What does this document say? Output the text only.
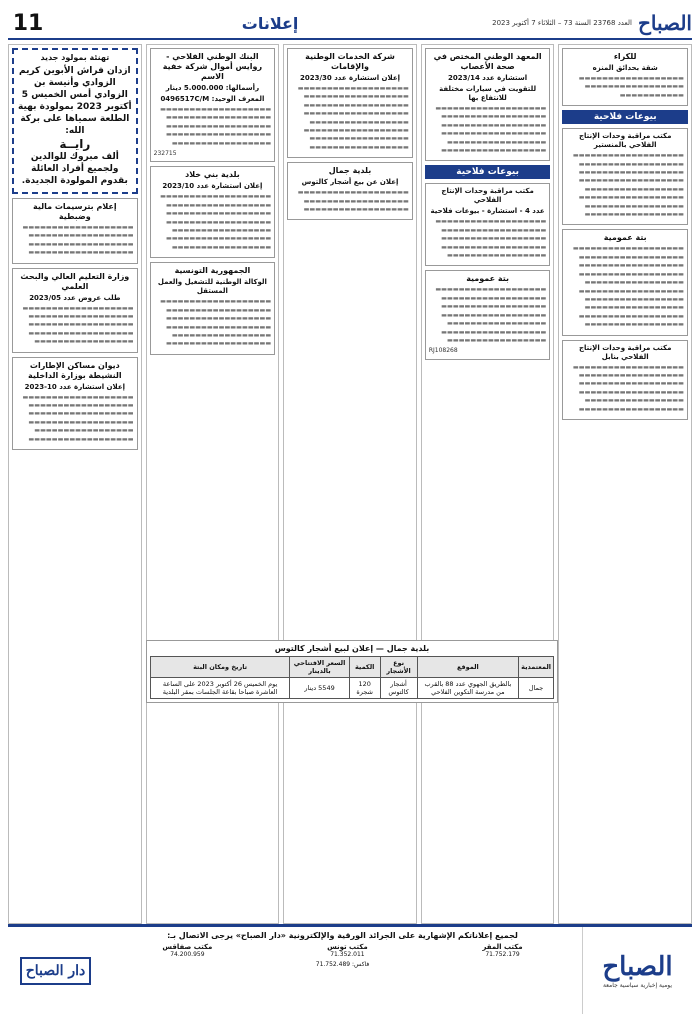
الصباح
العدد 23768 السنة 73 – الثلاثاء 7 أكتوبر 2023
إعلانات
11
للكراء
شقة بحدائق المنزه

▬▬▬▬▬▬▬▬▬▬▬▬▬▬▬▬▬▬ ▬▬▬▬▬▬▬▬▬▬▬▬▬▬▬▬▬ ▬▬▬▬▬▬▬▬▬▬▬

بيوعات فلاحية
مكتب مراقبة وحدات الإنتاج الفلاحي بالمنستير

▬▬▬▬▬▬▬▬▬▬▬▬▬▬▬▬▬▬▬ ▬▬▬▬▬▬▬▬▬▬▬▬▬▬▬▬▬▬ ▬▬▬▬▬▬▬▬▬▬▬▬▬▬▬▬▬▬ ▬▬▬▬▬▬▬▬▬▬▬▬▬▬▬▬▬▬ ▬▬▬▬▬▬▬▬▬▬▬▬▬▬▬▬▬ ▬▬▬▬▬▬▬▬▬▬▬▬▬▬▬▬▬▬ ▬▬▬▬▬▬▬▬▬▬▬▬▬▬▬▬▬ ▬▬▬▬▬▬▬▬▬▬▬▬▬▬▬▬▬

بتة عمومية

▬▬▬▬▬▬▬▬▬▬▬▬▬▬▬▬▬▬▬ ▬▬▬▬▬▬▬▬▬▬▬▬▬▬▬▬▬▬ ▬▬▬▬▬▬▬▬▬▬▬▬▬▬▬▬▬▬ ▬▬▬▬▬▬▬▬▬▬▬▬▬▬▬▬▬▬ ▬▬▬▬▬▬▬▬▬▬▬▬▬▬▬▬▬ ▬▬▬▬▬▬▬▬▬▬▬▬▬▬▬▬▬▬ ▬▬▬▬▬▬▬▬▬▬▬▬▬▬▬▬▬ ▬▬▬▬▬▬▬▬▬▬▬▬▬▬▬▬▬ ▬▬▬▬▬▬▬▬▬▬▬▬▬▬▬▬▬▬ ▬▬▬▬▬▬▬▬▬▬▬▬▬▬▬▬▬

مكتب مراقبة وحدات الإنتاج الفلاحي بنابل

▬▬▬▬▬▬▬▬▬▬▬▬▬▬▬▬▬▬▬ ▬▬▬▬▬▬▬▬▬▬▬▬▬▬▬▬▬▬ ▬▬▬▬▬▬▬▬▬▬▬▬▬▬▬▬▬▬ ▬▬▬▬▬▬▬▬▬▬▬▬▬▬▬▬▬▬ ▬▬▬▬▬▬▬▬▬▬▬▬▬▬▬▬▬ ▬▬▬▬▬▬▬▬▬▬▬▬▬▬▬▬▬▬

المعهد الوطني المختص في صحة الأعصاب
استشارة عدد 2023/14
للتقويت في سيارات مختلفة للانتفاع بها

▬▬▬▬▬▬▬▬▬▬▬▬▬▬▬▬▬▬▬ ▬▬▬▬▬▬▬▬▬▬▬▬▬▬▬▬▬▬ ▬▬▬▬▬▬▬▬▬▬▬▬▬▬▬▬▬▬ ▬▬▬▬▬▬▬▬▬▬▬▬▬▬▬▬▬▬ ▬▬▬▬▬▬▬▬▬▬▬▬▬▬▬▬▬ ▬▬▬▬▬▬▬▬▬▬▬▬▬▬▬▬▬▬

بيوعات فلاحية
مكتب مراقبة وحدات الإنتاج الفلاحي
عدد 4 - استشارة - بيوعات فلاحية

▬▬▬▬▬▬▬▬▬▬▬▬▬▬▬▬▬▬▬ ▬▬▬▬▬▬▬▬▬▬▬▬▬▬▬▬▬▬ ▬▬▬▬▬▬▬▬▬▬▬▬▬▬▬▬▬▬ ▬▬▬▬▬▬▬▬▬▬▬▬▬▬▬▬▬▬ ▬▬▬▬▬▬▬▬▬▬▬▬▬▬▬▬▬

بتة عمومية

▬▬▬▬▬▬▬▬▬▬▬▬▬▬▬▬▬▬▬ ▬▬▬▬▬▬▬▬▬▬▬▬▬▬▬▬▬▬ ▬▬▬▬▬▬▬▬▬▬▬▬▬▬▬▬▬▬ ▬▬▬▬▬▬▬▬▬▬▬▬▬▬▬▬▬▬ ▬▬▬▬▬▬▬▬▬▬▬▬▬▬▬▬▬ ▬▬▬▬▬▬▬▬▬▬▬▬▬▬▬▬▬▬ ▬▬▬▬▬▬▬▬▬▬▬▬▬▬▬▬▬

RJ108268
شركة الخدمات الوطنية والإقامات
إعلان استشارة عدد 2023/30

▬▬▬▬▬▬▬▬▬▬▬▬▬▬▬▬▬▬▬ ▬▬▬▬▬▬▬▬▬▬▬▬▬▬▬▬▬▬ ▬▬▬▬▬▬▬▬▬▬▬▬▬▬▬▬▬▬ ▬▬▬▬▬▬▬▬▬▬▬▬▬▬▬▬▬▬ ▬▬▬▬▬▬▬▬▬▬▬▬▬▬▬▬▬ ▬▬▬▬▬▬▬▬▬▬▬▬▬▬▬▬▬▬ ▬▬▬▬▬▬▬▬▬▬▬▬▬▬▬▬▬ ▬▬▬▬▬▬▬▬▬▬▬▬▬▬▬▬▬

بلدية جمال
إعلان عن بيع أشجار كالتوس

▬▬▬▬▬▬▬▬▬▬▬▬▬▬▬▬▬▬▬ ▬▬▬▬▬▬▬▬▬▬▬▬▬▬▬▬▬▬ ▬▬▬▬▬▬▬▬▬▬▬▬▬▬▬▬▬▬

البنك الوطني الفلاحي - روايس أموال شركة خفية الاسم
رأسمالها: 5.000.000 دينار
المعرف الوحيد: 0496517C/M

▬▬▬▬▬▬▬▬▬▬▬▬▬▬▬▬▬▬▬ ▬▬▬▬▬▬▬▬▬▬▬▬▬▬▬▬▬▬ ▬▬▬▬▬▬▬▬▬▬▬▬▬▬▬▬▬▬ ▬▬▬▬▬▬▬▬▬▬▬▬▬▬▬▬▬▬ ▬▬▬▬▬▬▬▬▬▬▬▬▬▬▬▬▬

232715
بلدية بني خلاد
إعلان استشارة عدد 2023/10

▬▬▬▬▬▬▬▬▬▬▬▬▬▬▬▬▬▬▬ ▬▬▬▬▬▬▬▬▬▬▬▬▬▬▬▬▬▬ ▬▬▬▬▬▬▬▬▬▬▬▬▬▬▬▬▬▬ ▬▬▬▬▬▬▬▬▬▬▬▬▬▬▬▬▬▬ ▬▬▬▬▬▬▬▬▬▬▬▬▬▬▬▬▬ ▬▬▬▬▬▬▬▬▬▬▬▬▬▬▬▬▬▬ ▬▬▬▬▬▬▬▬▬▬▬▬▬▬▬▬▬

الجمهورية التونسية
الوكالة الوطنية للتشغيل والعمل المستقل

▬▬▬▬▬▬▬▬▬▬▬▬▬▬▬▬▬▬▬ ▬▬▬▬▬▬▬▬▬▬▬▬▬▬▬▬▬▬ ▬▬▬▬▬▬▬▬▬▬▬▬▬▬▬▬▬▬ ▬▬▬▬▬▬▬▬▬▬▬▬▬▬▬▬▬▬ ▬▬▬▬▬▬▬▬▬▬▬▬▬▬▬▬▬ ▬▬▬▬▬▬▬▬▬▬▬▬▬▬▬▬▬▬

تهنئة بمولود جديد

ازدان فراش الأبوين كريم الزوادي وأنيسة بن الزوادي أمس الخميس 5 أكتوبر 2023 بمولودة بهية الطلعة سمياها على بركة الله:

رايــة

ألف مبروك للوالدين ولجميع أفراد العائلة بقدوم المولودة الجديدة.

إعلام بترسيمات مالية وضبطية

▬▬▬▬▬▬▬▬▬▬▬▬▬▬▬▬▬▬▬ ▬▬▬▬▬▬▬▬▬▬▬▬▬▬▬▬▬▬ ▬▬▬▬▬▬▬▬▬▬▬▬▬▬▬▬▬▬ ▬▬▬▬▬▬▬▬▬▬▬▬▬▬▬▬▬▬

وزارة التعليم العالي والبحث العلمي
طلب عروض عدد 2023/05

▬▬▬▬▬▬▬▬▬▬▬▬▬▬▬▬▬▬▬ ▬▬▬▬▬▬▬▬▬▬▬▬▬▬▬▬▬▬ ▬▬▬▬▬▬▬▬▬▬▬▬▬▬▬▬▬▬ ▬▬▬▬▬▬▬▬▬▬▬▬▬▬▬▬▬▬ ▬▬▬▬▬▬▬▬▬▬▬▬▬▬▬▬▬

ديوان مساكن الإطارات النشيطة بوزارة الداخلية
إعلان استشارة عدد 10-2023

▬▬▬▬▬▬▬▬▬▬▬▬▬▬▬▬▬▬▬ ▬▬▬▬▬▬▬▬▬▬▬▬▬▬▬▬▬▬ ▬▬▬▬▬▬▬▬▬▬▬▬▬▬▬▬▬▬ ▬▬▬▬▬▬▬▬▬▬▬▬▬▬▬▬▬▬ ▬▬▬▬▬▬▬▬▬▬▬▬▬▬▬▬▬ ▬▬▬▬▬▬▬▬▬▬▬▬▬▬▬▬▬▬

بلدية جمال — إعلان لبيع أشجار كالتوس
المعتمدية	الموقع	نوع الأشجار	الكمية	السعر الافتتاحي بالدينار	تاريخ ومكان البتة
جمال	بالطريق الجهوي عدد 88 بالقرب من مدرسة التكوين الفلاحي	أشجار كالتوس	120 شجرة	5549 دينار	يوم الخميس 26 أكتوبر 2023 على الساعة العاشرة صباحا بقاعة الجلسات بمقر البلدية
الصباح
يومية إخبارية سياسية جامعة
لجميع إعلاناتكم الإشهارية على الجرائد الورقية والإلكترونية «دار الصباح» يرجى الاتصال بـ:
مكتب المقر
71.752.179
مكتب تونس
71.352.011
مكتب صفاقس
74.200.959
فاكس: 71.752.489
دار الصباح
